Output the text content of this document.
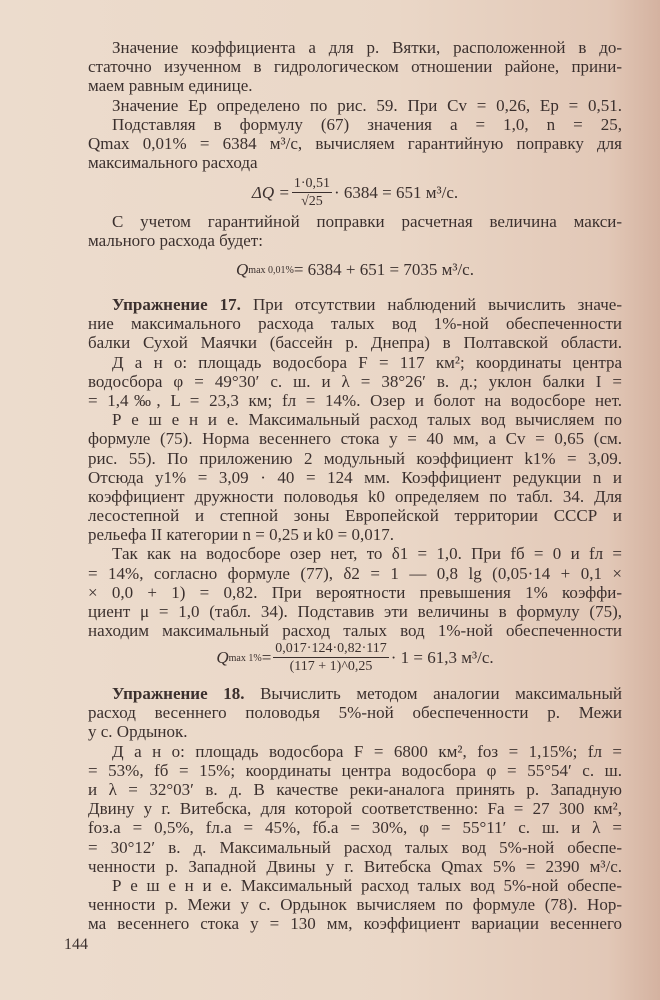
Значение коэффициента a для р. Вятки, расположенной в до-
статочно изученном в гидрологическом отношении районе, прини-
маем равным единице.
Значение Eр определено по рис. 59. При Cv = 0,26, Eр = 0,51.
Подставляя в формулу (67) значения a = 1,0, n = 25,
Qmax 0,01% = 6384 м³/с, вычисляем гарантийную поправку для
максимального расхода
$\Delta Q = \frac{1\cdot 0,51}{√25} \cdot 6384 = 651$ м³/с.
С учетом гарантийной поправки расчетная величина макси-
мального расхода будет:
Q max 0,01% = 6384 + 651 = 7035 м³/с.
Упражнение 17. При отсутствии наблюдений вычислить значе-
ние максимального расхода талых вод 1%-ной обеспеченности
балки Сухой Маячки (бассейн р. Днепра) в Полтавской области.
Д а н о: площадь водосбора F = 117 км²; координаты центра
водосбора φ = 49°30′ с. ш. и λ = 38°26′ в. д.; уклон балки I =
= 1,4‰, L = 23,3 км; fл = 14%. Озер и болот на водосборе нет.
Р е ш е н и е. Максимальный расход талых вод вычисляем по
формуле (75). Норма весеннего стока y = 40 мм, а Cv = 0,65 (см.
рис. 55). По приложению 2 модульный коэффициент k1% = 3,09.
Отсюда y1% = 3,09 · 40 = 124 мм. Коэффициент редукции n и
коэффициент дружности половодья k0 определяем по табл. 34. Для
лесостепной и степной зоны Европейской территории СССР и
рельефа II категории n = 0,25 и k0 = 0,017.
Так как на водосборе озер нет, то δ1 = 1,0. При fб = 0 и fл =
= 14%, согласно формуле (77), δ2 = 1 — 0,8 lg (0,05·14 + 0,1 ×
× 0,0 + 1) = 0,82. При вероятности превышения 1% коэффи-
циент μ = 1,0 (табл. 34). Подставив эти величины в формулу (75),
находим максимальный расход талых вод 1%-ной обеспеченности
Q $\max 1\% = \frac{0,017\cdot 124\cdot 0,82\cdot 117}{(117 + 1)\^{}0,25} \cdot 1 = 61,3$ м³/с.
Упражнение 18. Вычислить методом аналогии максимальный
расход весеннего половодья 5%-ной обеспеченности р. Межи
у с. Ордынок.
Д а н о: площадь водосбора F = 6800 км², fоз = 1,15%; fл =
= 53%, fб = 15%; координаты центра водосбора φ = 55°54′ с. ш.
и λ = 32°03′ в. д. В качестве реки-аналога принять р. Западную
Двину у г. Витебска, для которой соответственно: Fа = 27 300 км²,
fоз.а = 0,5%, fл.а = 45%, fб.а = 30%, φ = 55°11′ с. ш. и λ =
= 30°12′ в. д. Максимальный расход талых вод 5%-ной обеспе-
ченности р. Западной Двины у г. Витебска Qmax 5% = 2390 м³/с.
Р е ш е н и е. Максимальный расход талых вод 5%-ной обеспе-
ченности р. Межи у с. Ордынок вычисляем по формуле (78). Нор-
ма весеннего стока y = 130 мм, коэффициент вариации весеннего
144
